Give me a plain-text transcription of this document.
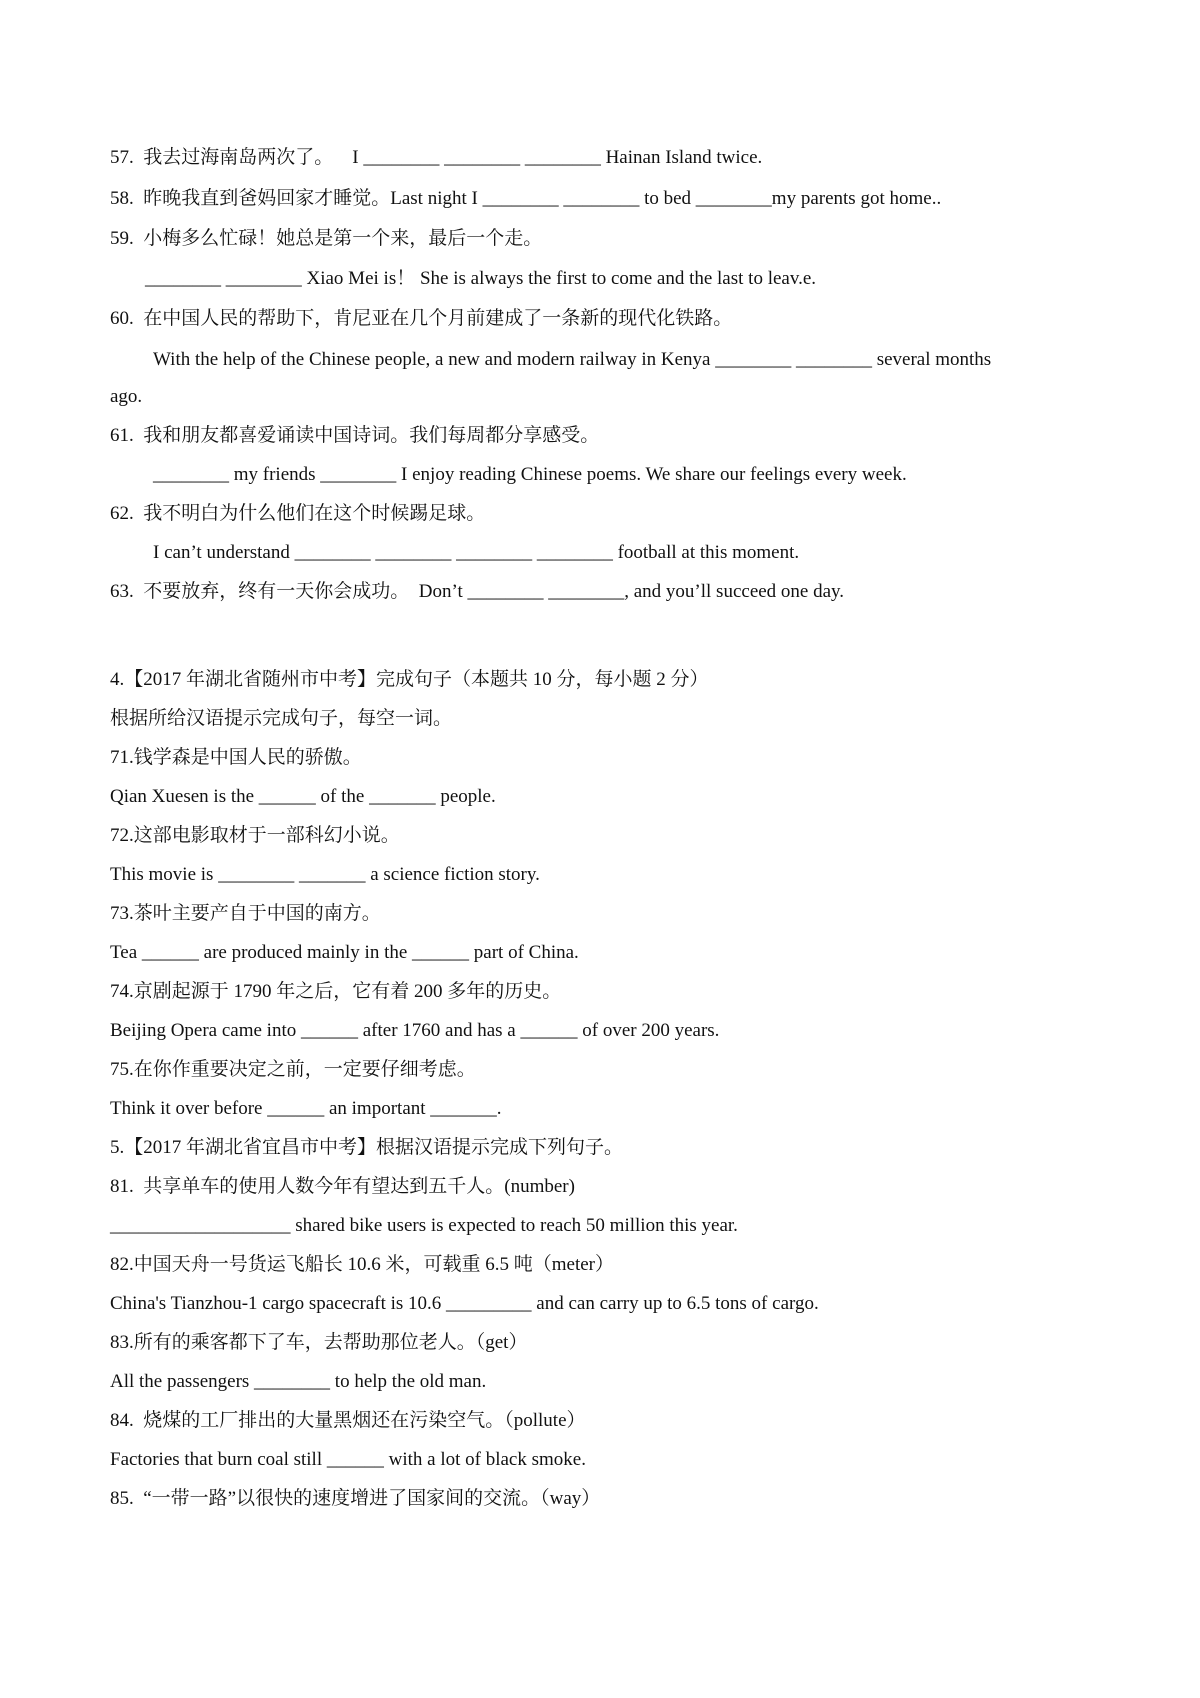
57.  我去过海南岛两次了。    I ________ ________ ________ Hainan Island twice.
58.  昨晚我直到爸妈回家才睡觉。Last night I ________ ________ to bed ________my parents got home..
59.  小梅多么忙碌！她总是第一个来，最后一个走。
________ ________ Xiao Mei is！ She is always the first to come and the last to leav.e.
60.  在中国人民的帮助下，肯尼亚在几个月前建成了一条新的现代化铁路。
With the help of the Chinese people, a new and modern railway in Kenya ________ ________ several months
ago.
61.  我和朋友都喜爱诵读中国诗词。我们每周都分享感受。
________ my friends ________ I enjoy reading Chinese poems. We share our feelings every week.
62.  我不明白为什么他们在这个时候踢足球。
I can’t understand ________ ________ ________ ________ football at this moment.
63.  不要放弃，终有一天你会成功。  Don’t ________ ________, and you’ll succeed one day.
4.【2017 年湖北省随州市中考】完成句子（本题共 10 分，每小题 2 分）
根据所给汉语提示完成句子，每空一词。
71.钱学森是中国人民的骄傲。
Qian Xuesen is the ______ of the _______ people.
72.这部电影取材于一部科幻小说。
This movie is ________ _______ a science fiction story.
73.茶叶主要产自于中国的南方。
Tea ______ are produced mainly in the ______ part of China.
74.京剧起源于 1790 年之后，它有着 200 多年的历史。
Beijing Opera came into ______ after 1760 and has a ______ of over 200 years.
75.在你作重要决定之前，一定要仔细考虑。
Think it over before ______ an important _______.
5.【2017 年湖北省宜昌市中考】根据汉语提示完成下列句子。
81.  共享单车的使用人数今年有望达到五千人。(number)
___________________ shared bike users is expected to reach 50 million this year.
82.中国天舟一号货运飞船长 10.6 米，可载重 6.5 吨（meter）
China's Tianzhou-1 cargo spacecraft is 10.6 _________ and can carry up to 6.5 tons of cargo.
83.所有的乘客都下了车，去帮助那位老人。（get）
All the passengers ________ to help the old man.
84.  烧煤的工厂排出的大量黑烟还在污染空气。（pollute）
Factories that burn coal still ______ with a lot of black smoke.
85.  “一带一路”以很快的速度增进了国家间的交流。（way）
